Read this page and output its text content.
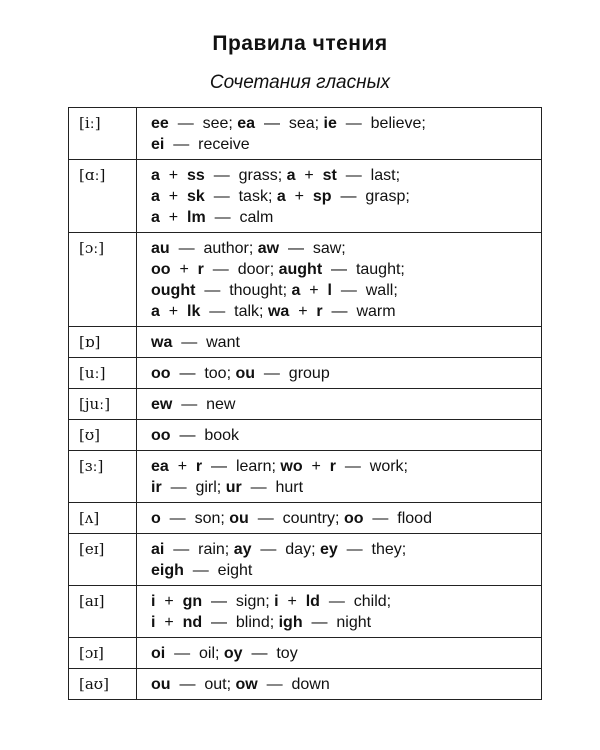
Правила чтения
Сочетания гласных
[iː]	ee  —  see; ea  —  sea; ie  —  believe;
ei  —  receive

[ɑː]	a  +  ss  —  grass; a  +  st  —  last;
a  +  sk  —  task; a  +  sp  —  grasp;
a  +  lm  —  calm

[ɔː]	au  —  author; aw  —  saw;
oo  +  r  —  door; aught  —  taught;
ought  —  thought; a  +  l  —  wall;
a  +  lk  —  talk; wa  +  r  —  warm

[ɒ]	wa  —  want

[uː]	oo  —  too; ou  —  group

[juː]	ew  —  new

[ʊ]	oo  —  book

[ɜː]	ea  +  r  —  learn; wo  +  r  —  work;
ir  —  girl; ur  —  hurt

[ʌ]	o  —  son; ou  —  country; oo  —  flood

[eɪ]	ai  —  rain; ay  —  day; ey  —  they;
eigh  —  eight

[aɪ]	i  +  gn  —  sign; i  +  ld  —  child;
i  +  nd  —  blind; igh  —  night

[ɔɪ]	oi  —  oil; oy  —  toy

[aʊ]	ou  —  out; ow  —  down
